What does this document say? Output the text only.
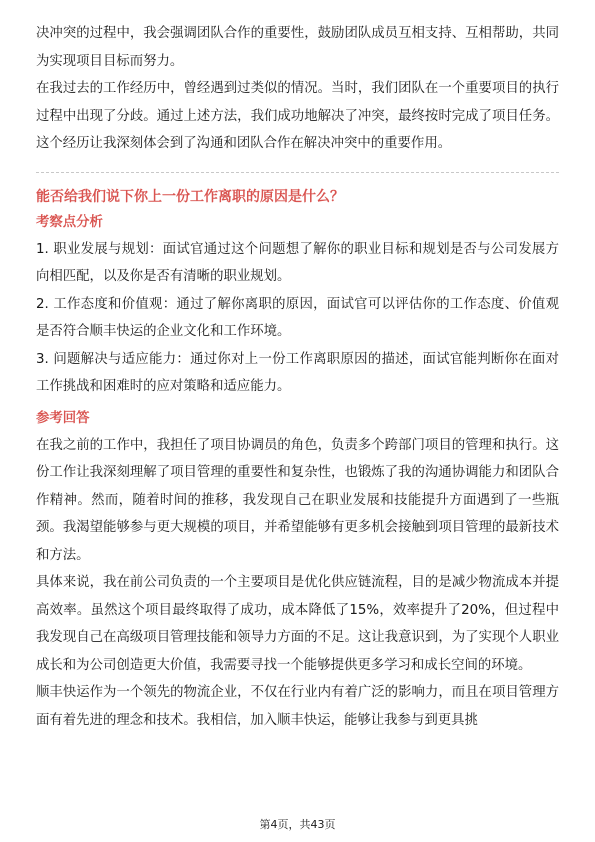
决冲突的过程中，我会强调团队合作的重要性，鼓励团队成员互相支持、互相帮助，共同为实现项目目标而努力。

在我过去的工作经历中，曾经遇到过类似的情况。当时，我们团队在一个重要项目的执行过程中出现了分歧。通过上述方法，我们成功地解决了冲突，最终按时完成了项目任务。这个经历让我深刻体会到了沟通和团队合作在解决冲突中的重要作用。

能否给我们说下你上一份工作离职的原因是什么？

考察点分析

1. 职业发展与规划：面试官通过这个问题想了解你的职业目标和规划是否与公司发展方向相匹配，以及你是否有清晰的职业规划。

2. 工作态度和价值观：通过了解你离职的原因，面试官可以评估你的工作态度、价值观是否符合顺丰快运的企业文化和工作环境。

3. 问题解决与适应能力：通过你对上一份工作离职原因的描述，面试官能判断你在面对工作挑战和困难时的应对策略和适应能力。

参考回答

在我之前的工作中，我担任了项目协调员的角色，负责多个跨部门项目的管理和执行。这份工作让我深刻理解了项目管理的重要性和复杂性，也锻炼了我的沟通协调能力和团队合作精神。然而，随着时间的推移，我发现自己在职业发展和技能提升方面遇到了一些瓶颈。我渴望能够参与更大规模的项目，并希望能够有更多机会接触到项目管理的最新技术和方法。

具体来说，我在前公司负责的一个主要项目是优化供应链流程，目的是减少物流成本并提高效率。虽然这个项目最终取得了成功，成本降低了15%，效率提升了20%，但过程中我发现自己在高级项目管理技能和领导力方面的不足。这让我意识到，为了实现个人职业成长和为公司创造更大价值，我需要寻找一个能够提供更多学习和成长空间的环境。

顺丰快运作为一个领先的物流企业，不仅在行业内有着广泛的影响力，而且在项目管理方面有着先进的理念和技术。我相信，加入顺丰快运，能够让我参与到更具挑

第4页，共43页
